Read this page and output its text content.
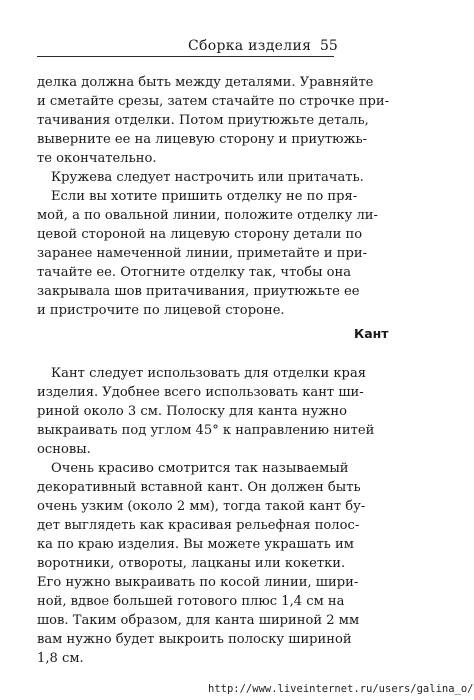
Сборка изделия 55
делка должна быть между деталями. Уравняйте
и сметайте срезы, затем стачайте по строчке при-
тачивания отделки. Потом приутюжьте деталь,
выверните ее на лицевую сторону и приутюжь-
те окончательно.
Кружева следует настрочить или притачать.
Если вы хотите пришить отделку не по пря-
мой, а по овальной линии, положите отделку ли-
цевой стороной на лицевую сторону детали по
заранее намеченной линии, приметайте и при-
тачайте ее. Отогните отделку так, чтобы она
закрывала шов притачивания, приутюжьте ее
и пристрочите по лицевой стороне.
Кант
Кант следует использовать для отделки края
изделия. Удобнее всего использовать кант ши-
риной около 3 см. Полоску для канта нужно
выкраивать под углом 45° к направлению нитей
основы.
Очень красиво смотрится так называемый
декоративный вставной кант. Он должен быть
очень узким (около 2 мм), тогда такой кант бу-
дет выглядеть как красивая рельефная полос-
ка по краю изделия. Вы можете украшать им
воротники, отвороты, лацканы или кокетки.
Его нужно выкраивать по косой линии, шири-
ной, вдвое большей готового плюс 1,4 см на
шов. Таким образом, для канта шириной 2 мм
вам нужно будет выкроить полоску шириной
1,8 см.
http://www.liveinternet.ru/users/galina_o/
